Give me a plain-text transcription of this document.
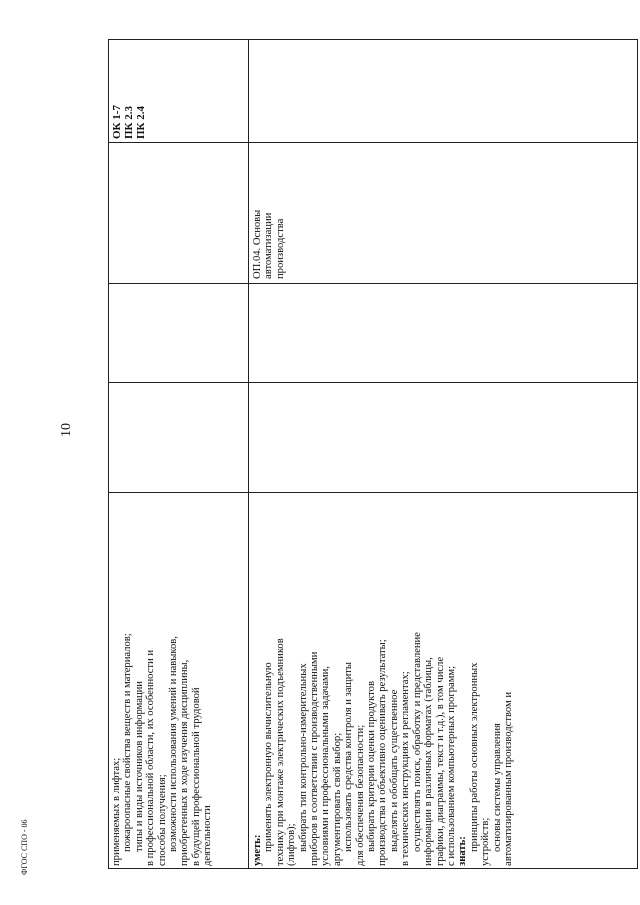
10
ФГОС СПО - 06	применяемых в лифтах; пожароопасные свойства веществ и материалов; типы и виды источников информации в профессиональной области, их особенности и способы получения; возможности использования умений и навыков, приобретенных в ходе изучения дисциплины, в будущей профессиональной трудовой деятельности	уметь: применять электронную вычислительную технику при монтаже электрических подъемников (лифтов); выбирать тип контрольно-измерительных приборов в соответствии с производственными условиями и профессиональными задачами, аргументировать свой выбор; использовать средства контроля и защиты для обеспечения безопасности; выбирать критерии оценки продуктов производства и объективно оценивать результаты; выделять и обобщать существенное в технических инструкциях и регламентах; осуществлять поиск, обработку и представление информации в различных форматах (таблицы, графики, диаграммы, текст и т.д.), в том числе с использованием компьютерных программ; знать: принципы работы основных электронных устройств; основы системы управления автоматизированным производством и
ОП.04. Основы автоматизации производства
ОК 1-7 ПК 2.3 ПК 2.4
